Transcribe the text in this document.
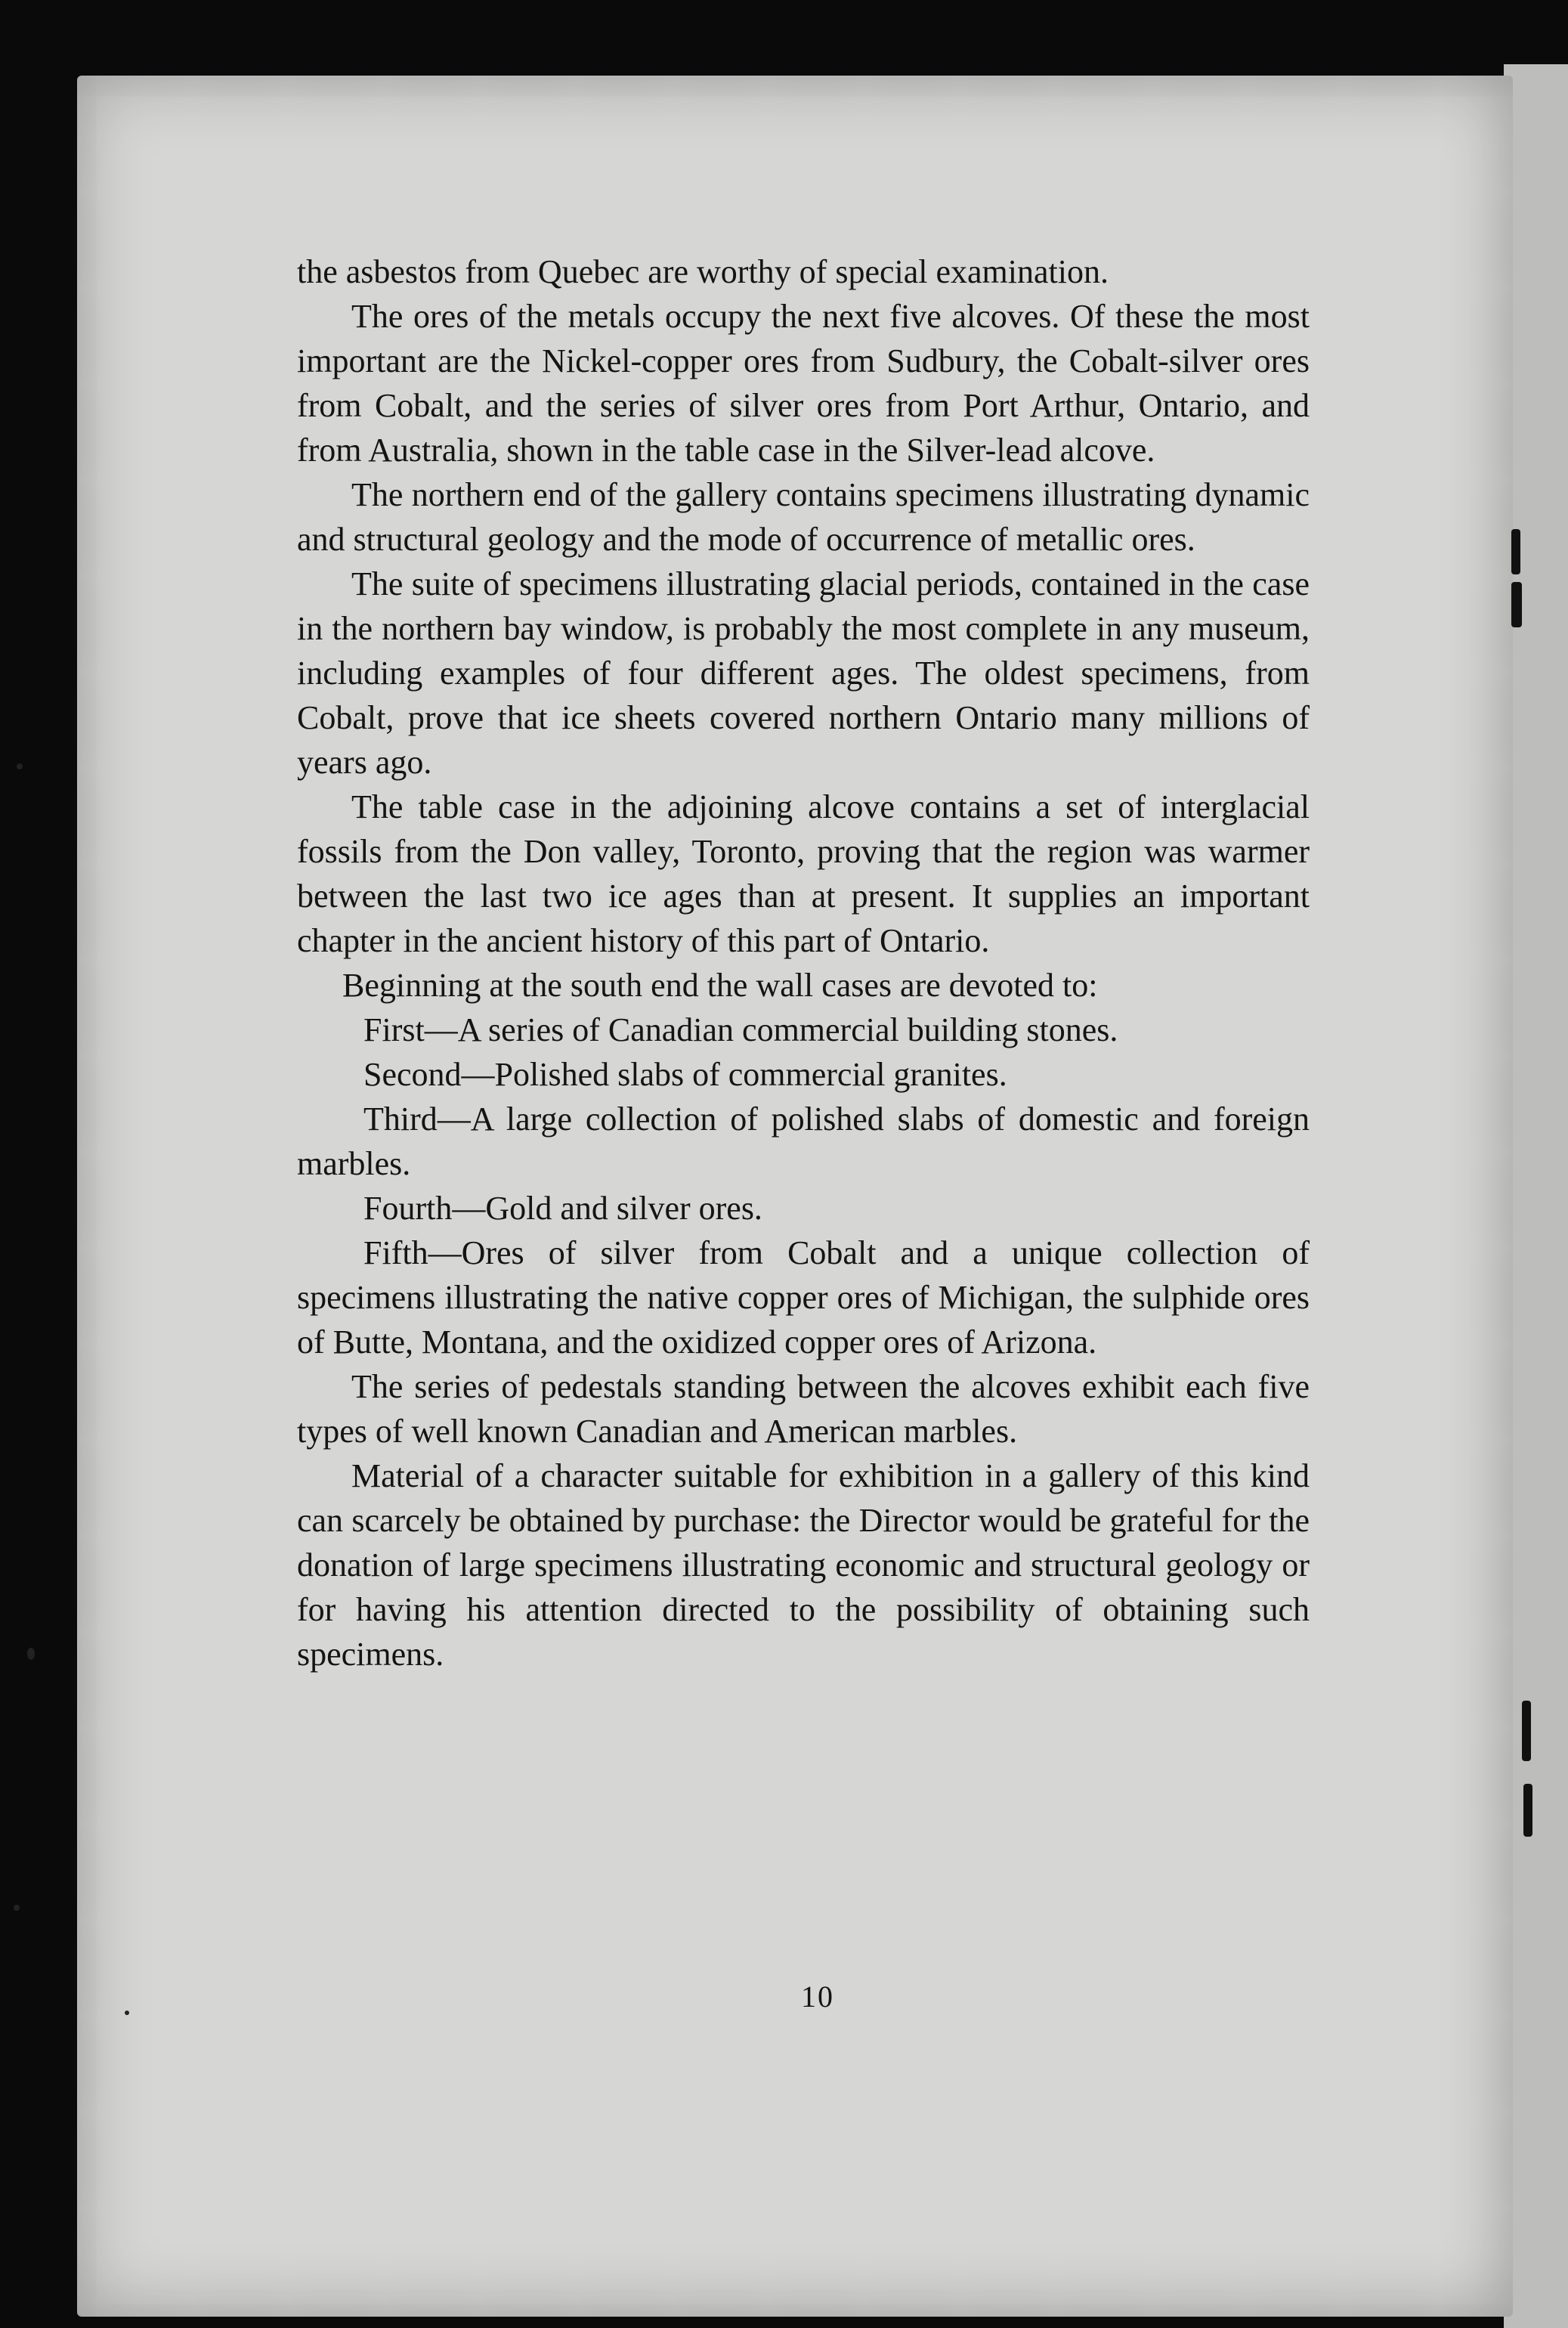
the asbestos from Quebec are worthy of special examination.

The ores of the metals occupy the next five alcoves. Of these the most important are the Nickel-copper ores from Sudbury, the Cobalt-silver ores from Cobalt, and the series of silver ores from Port Arthur, Ontario, and from Australia, shown in the table case in the Silver-lead alcove.

The northern end of the gallery contains specimens illustrating dynamic and structural geology and the mode of occurrence of metallic ores.

The suite of specimens illustrating glacial periods, contained in the case in the northern bay window, is probably the most complete in any museum, including examples of four different ages. The oldest specimens, from Cobalt, prove that ice sheets covered northern Ontario many millions of years ago.

The table case in the adjoining alcove contains a set of interglacial fossils from the Don valley, Toronto, proving that the region was warmer between the last two ice ages than at present. It supplies an important chapter in the ancient history of this part of Ontario.

Beginning at the south end the wall cases are devoted to:

First—A series of Canadian commercial building stones.

Second—Polished slabs of commercial granites.

Third—A large collection of polished slabs of domestic and foreign marbles.

Fourth—Gold and silver ores.

Fifth—Ores of silver from Cobalt and a unique collection of specimens illustrating the native copper ores of Michigan, the sulphide ores of Butte, Montana, and the oxidized copper ores of Arizona.

The series of pedestals standing between the alcoves exhibit each five types of well known Canadian and American marbles.

Material of a character suitable for exhibition in a gallery of this kind can scarcely be obtained by purchase: the Director would be grateful for the donation of large specimens illustrating economic and structural geology or for having his attention directed to the possibility of obtaining such specimens.

10
